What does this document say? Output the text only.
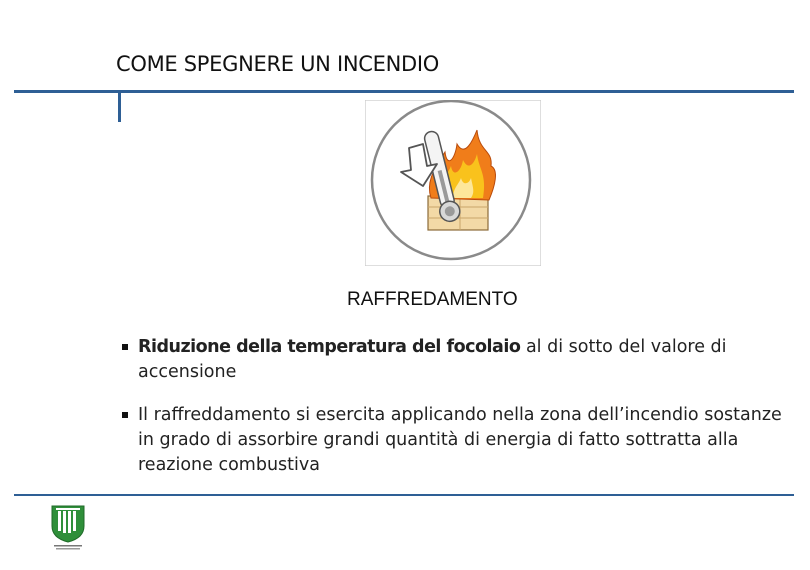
COME SPEGNERE UN INCENDIO
RAFFREDAMENTO
Riduzione della temperatura del focolaio al di sotto del valore di accensione
Il raffreddamento si esercita applicando nella zona dell’incendio sostanze in grado di assorbire grandi quantità di energia di fatto sottratta alla reazione combustiva
